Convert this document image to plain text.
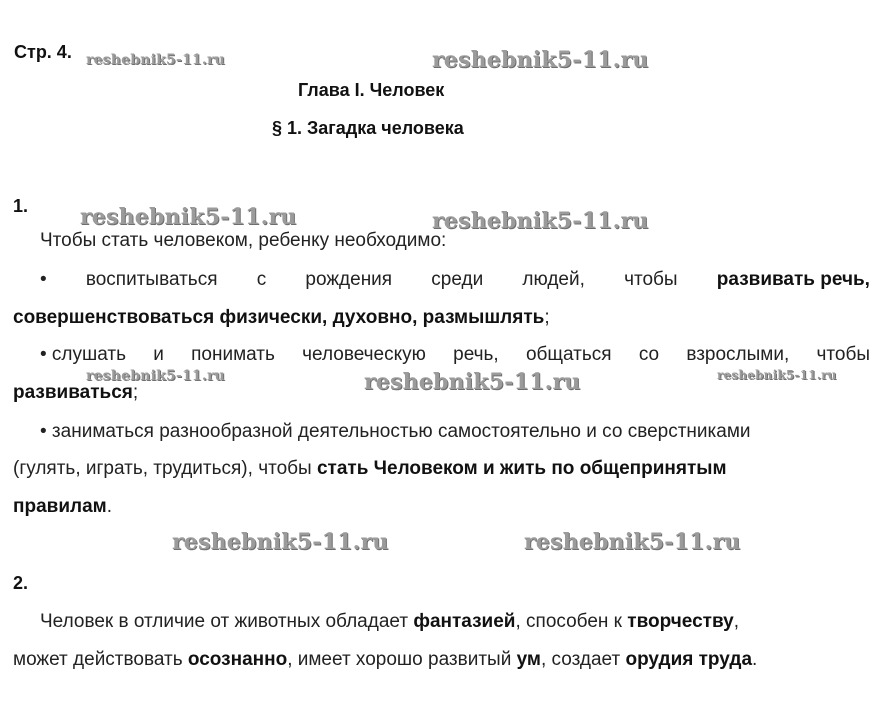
Стр. 4.
Глава I. Человек
§ 1. Загадка человека
reshebnik5-11.ru	reshebnik5-11.ru
reshebnik5-11.ru	reshebnik5-11.ru
reshebnik5-11.ru	reshebnik5-11.ru	reshebnik5-11.ru
reshebnik5-11.ru	reshebnik5-11.ru
1.
Чтобы стать человеком, ребенку необходимо:
• воспитываться с рождения среди людей, чтобы развивать речь,
совершенствоваться физически, духовно, размышлять;
• слушать и понимать человеческую речь, общаться со взрослыми, чтобы
развиваться;
• заниматься разнообразной деятельностью самостоятельно и со сверстниками
(гулять, играть, трудиться), чтобы стать Человеком и жить по общепринятым
правилам.
2.
Человек в отличие от животных обладает фантазией, способен к творчеству,
может действовать осознанно, имеет хорошо развитый ум, создает орудия труда.
